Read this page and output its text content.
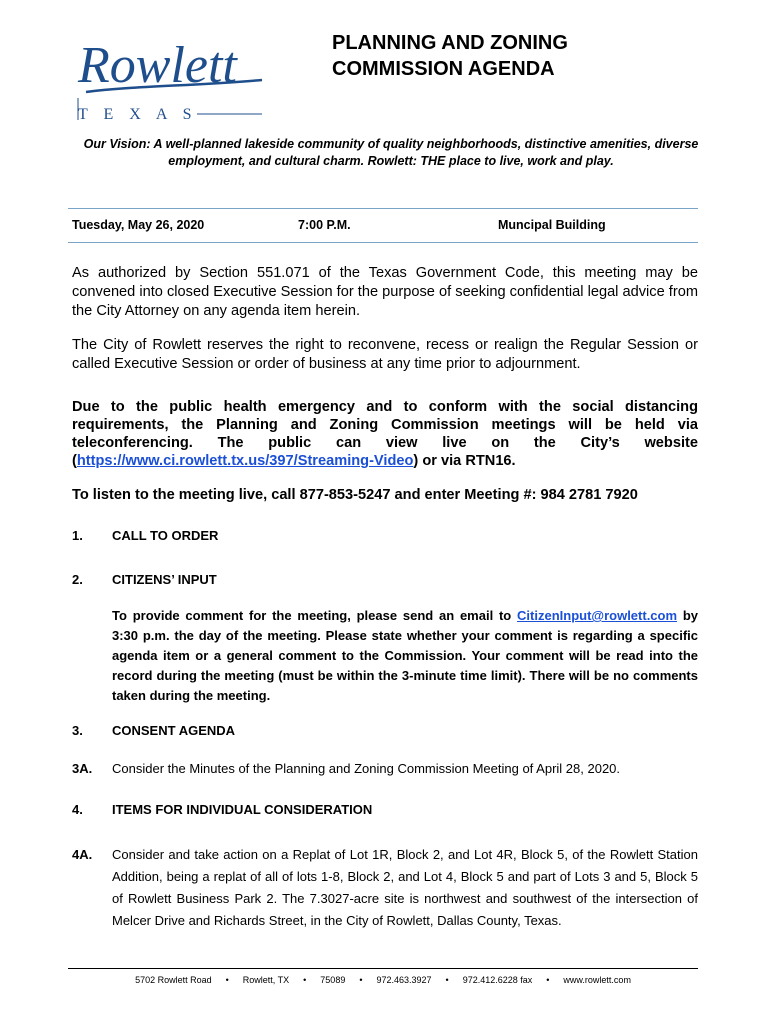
Rowlett
T E X A S
PLANNING AND ZONING
COMMISSION AGENDA
Our Vision: A well-planned lakeside community of quality neighborhoods, distinctive amenities, diverse employment, and cultural charm. Rowlett: THE place to live, work and play.
Tuesday, May 26, 2020	7:00 P.M.	Muncipal Building
As authorized by Section 551.071 of the Texas Government Code, this meeting may be convened into closed Executive Session for the purpose of seeking confidential legal advice from the City Attorney on any agenda item herein.
The City of Rowlett reserves the right to reconvene, recess or realign the Regular Session or called Executive Session or order of business at any time prior to adjournment.
Due to the public health emergency and to conform with the social distancing requirements, the Planning and Zoning Commission meetings will be held via teleconferencing. The public can view live on the City’s website (https://www.ci.rowlett.tx.us/397/Streaming-Video) or via RTN16.
To listen to the meeting live, call 877-853-5247 and enter Meeting #: 984 2781 7920
1. CALL TO ORDER
2. CITIZENS’ INPUT
To provide comment for the meeting, please send an email to CitizenInput@rowlett.com by 3:30 p.m. the day of the meeting. Please state whether your comment is regarding a specific agenda item or a general comment to the Commission. Your comment will be read into the record during the meeting (must be within the 3-minute time limit). There will be no comments taken during the meeting.
3. CONSENT AGENDA
3A. Consider the Minutes of the Planning and Zoning Commission Meeting of April 28, 2020.
4. ITEMS FOR INDIVIDUAL CONSIDERATION
4A. Consider and take action on a Replat of Lot 1R, Block 2, and Lot 4R, Block 5, of the Rowlett Station Addition, being a replat of all of lots 1-8, Block 2, and Lot 4, Block 5 and part of Lots 3 and 5, Block 5 of Rowlett Business Park 2. The 7.3027-acre site is northwest and southwest of the intersection of Melcer Drive and Richards Street, in the City of Rowlett, Dallas County, Texas.
5702 Rowlett Road • Rowlett, TX • 75089 • 972.463.3927 • 972.412.6228 fax • www.rowlett.com
